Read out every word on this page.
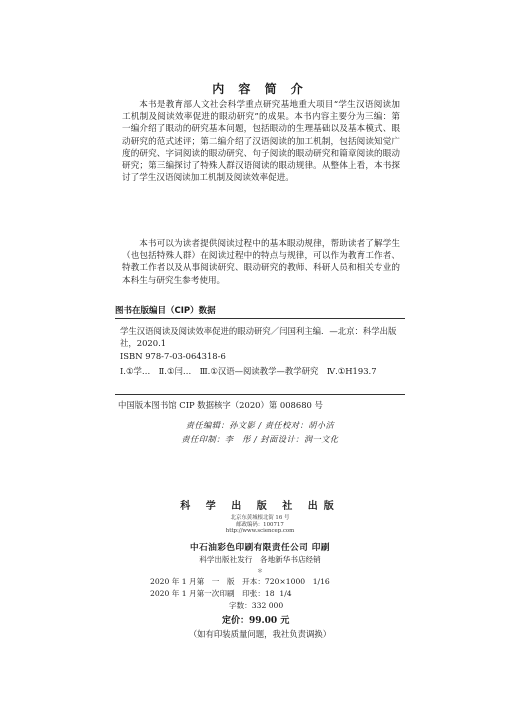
内 容 简 介

本书是教育部人文社会科学重点研究基地重大项目“学生汉语阅读加工机制及阅读效率促进的眼动研究”的成果。本书内容主要分为三编：第一编介绍了眼动的研究基本问题，包括眼动的生理基础以及基本模式、眼动研究的范式述评；第二编介绍了汉语阅读的加工机制，包括阅读知觉广度的研究、字词阅读的眼动研究、句子阅读的眼动研究和篇章阅读的眼动研究；第三编探讨了特殊人群汉语阅读的眼动规律。从整体上看，本书探讨了学生汉语阅读加工机制及阅读效率促进。

本书可以为读者提供阅读过程中的基本眼动规律，帮助读者了解学生（也包括特殊人群）在阅读过程中的特点与规律，可以作为教育工作者、特教工作者以及从事阅读研究、眼动研究的教师、科研人员和相关专业的本科生与研究生参考使用。

图书在版编目（CIP）数据

学生汉语阅读及阅读效率促进的眼动研究／闫国利主编．—北京：科学出版社，2020.1

ISBN 978-7-03-064318-6

Ⅰ.①学…　Ⅱ.①闫…　Ⅲ.①汉语—阅读教学—教学研究　Ⅳ.①H193.7

中国版本图书馆 CIP 数据核字（2020）第 008680 号
责任编辑：孙文影 / 责任校对：胡小洁
责任印制：李　彤 / 封面设计：润一文化
科 学 出 版 社 出版
北京东黄城根北街 16 号
邮政编码：100717
http://www.sciencep.com
中石油彩色印刷有限责任公司 印刷
科学出版社发行　各地新华书店经销
＊
2020 年 1 月第　一　版　开本：720×1000　1/16
2020 年 1 月第一次印刷　印张：18  1/4
字数：332 000
定价：99.00 元
（如有印装质量问题，我社负责调换）
